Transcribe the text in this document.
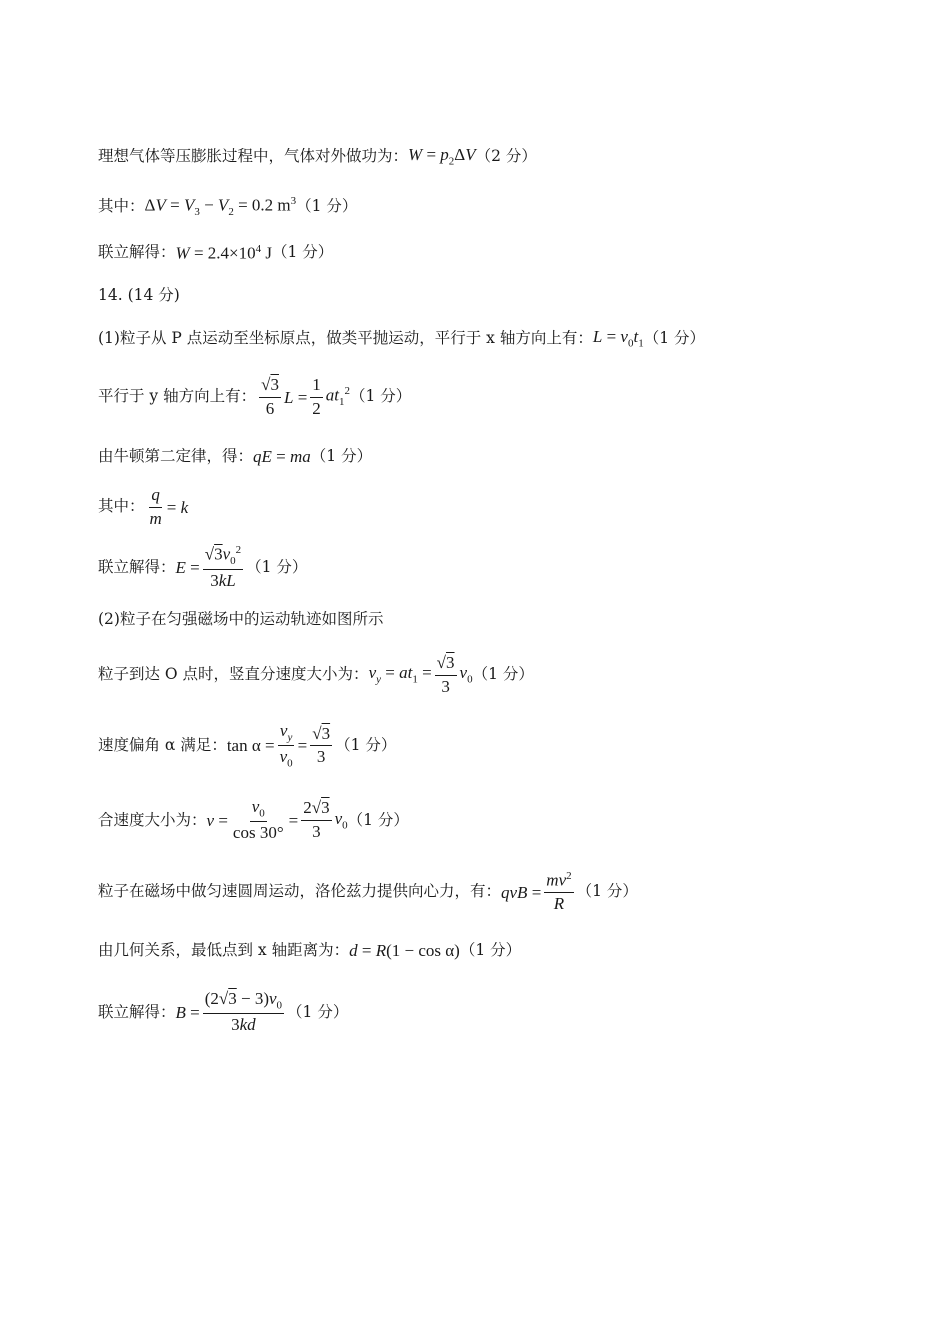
理想气体等压膨胀过程中，气体对外做功为： $W = p_2\Delta V$ （2 分）
其中： $\Delta V = V_3 - V_2 = 0.2$ $m^3$ （1 分）
联立解得： $W = 2.4\times 10^4$ J （1 分）
14. (14 分)
(1)粒子从 P 点运动至坐标原点，做类平抛运动，平行于 x 轴方向上有： $L = v_0t_1$ （1 分）
平行于 y 轴方向上有： $\frac{√3}{6}$ $L = \frac{1}{2} at_1^2$ （1 分）
由牛顿第二定律，得： qE = ma （1 分）
其中： $\frac{q}{m} = k$
联立解得： $E = \frac{√3v_0^2}{3kL} (1$ 分）
(2)粒子在匀强磁场中的运动轨迹如图所示
粒子到达 O 点时，竖直分速度大小为： $v_y = at_1 = \frac{√3}{3} v_0$ （1 分）
速度偏角 α 满足： $\tan \alpha = \frac{v_y}{v_0} = \frac{√3}{3} (1$ 分）
合速度大小为： $v = \frac{v_0}{\cos 30^\circ} = \frac{2√3}{3} v_0$ （1 分）
粒子在磁场中做匀速圆周运动，洛伦兹力提供向心力，有： qvB = $\frac{mv^2}{R} (1$ 分）
由几何关系，最低点到 x 轴距离为： d = R(1 − cos α) （1 分）
联立解得： $B = \frac{(2√3 - 3)v_0}{3kd} (1$ 分）
